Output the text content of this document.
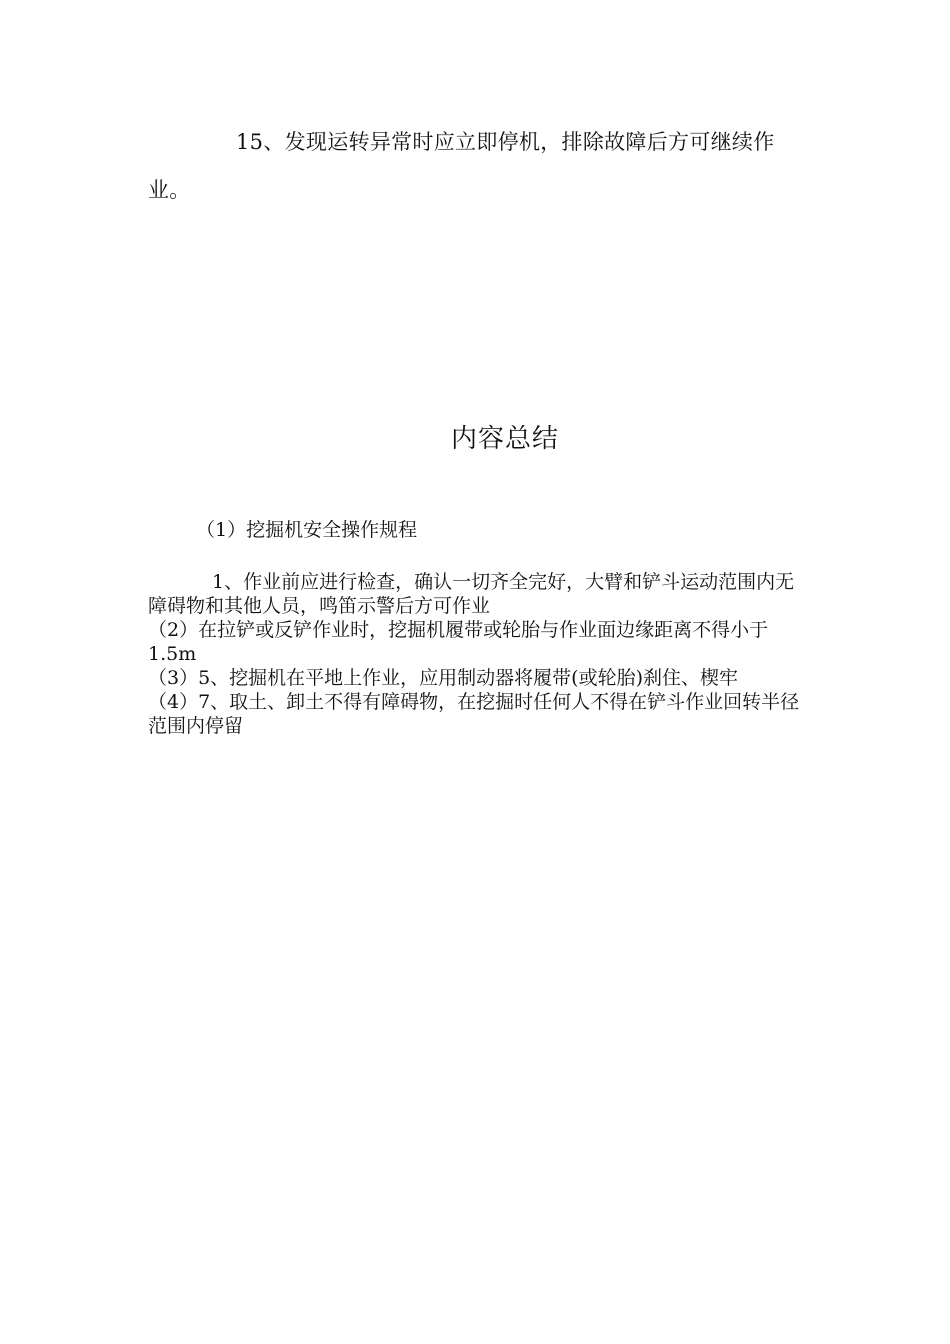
15、发现运转异常时应立即停机，排除故障后方可继续作业。

内容总结

（1）挖掘机安全操作规程

1、作业前应进行检查，确认一切齐全完好，大臂和铲斗运动范围内无障碍物和其他人员，鸣笛示警后方可作业

（2）在拉铲或反铲作业时，挖掘机履带或轮胎与作业面边缘距离不得小于1.5m

（3）5、挖掘机在平地上作业，应用制动器将履带(或轮胎)刹住、楔牢

（4）7、取土、卸土不得有障碍物，在挖掘时任何人不得在铲斗作业回转半径范围内停留
